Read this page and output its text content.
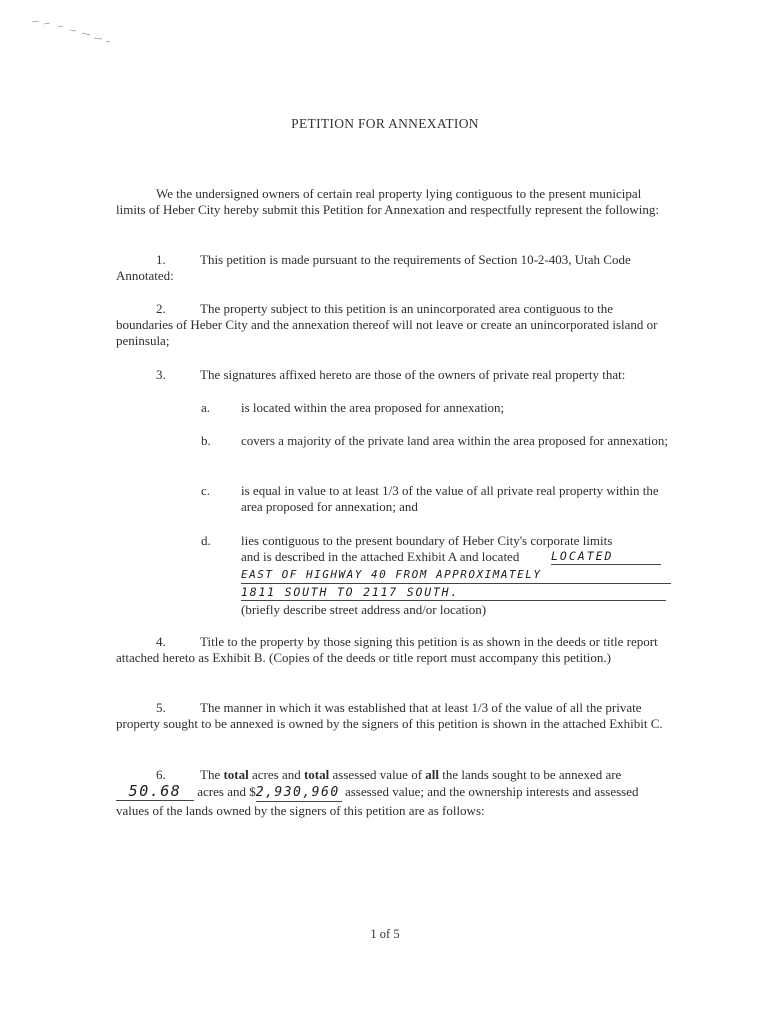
PETITION FOR ANNEXATION
We the undersigned owners of certain real property lying contiguous to the present municipal limits of Heber City hereby submit this Petition for Annexation and respectfully represent the following:
1.	This petition is made pursuant to the requirements of Section 10-2-403, Utah Code Annotated:
2.	The property subject to this petition is an unincorporated area contiguous to the boundaries of Heber City and the annexation thereof will not leave or create an unincorporated island or peninsula;
3.	The signatures affixed hereto are those of the owners of private real property that:
a. is located within the area proposed for annexation;
b. covers a majority of the private land area within the area proposed for annexation;
c. is equal in value to at least 1/3 of the value of all private real property within the area proposed for annexation; and
d. lies contiguous to the present boundary of Heber City's corporate limits
and is described in the attached Exhibit A and located	LOCATED
EAST OF HIGHWAY 40 FROM APPROXIMATELY
1811 SOUTH TO 2117 SOUTH.
(briefly describe street address and/or location)
4.	Title to the property by those signing this petition is as shown in the deeds or title report attached hereto as Exhibit B. (Copies of the deeds or title report must accompany this petition.)
5.	The manner in which it was established that at least 1/3 of the value of all the private property sought to be annexed is owned by the signers of this petition is shown in the attached Exhibit C.
6.	The total acres and total assessed value of all the lands sought to be annexed are
50.68 acres and $2,930,960 assessed value; and the ownership interests and assessed values of the lands owned by the signers of this petition are as follows:
1 of 5
